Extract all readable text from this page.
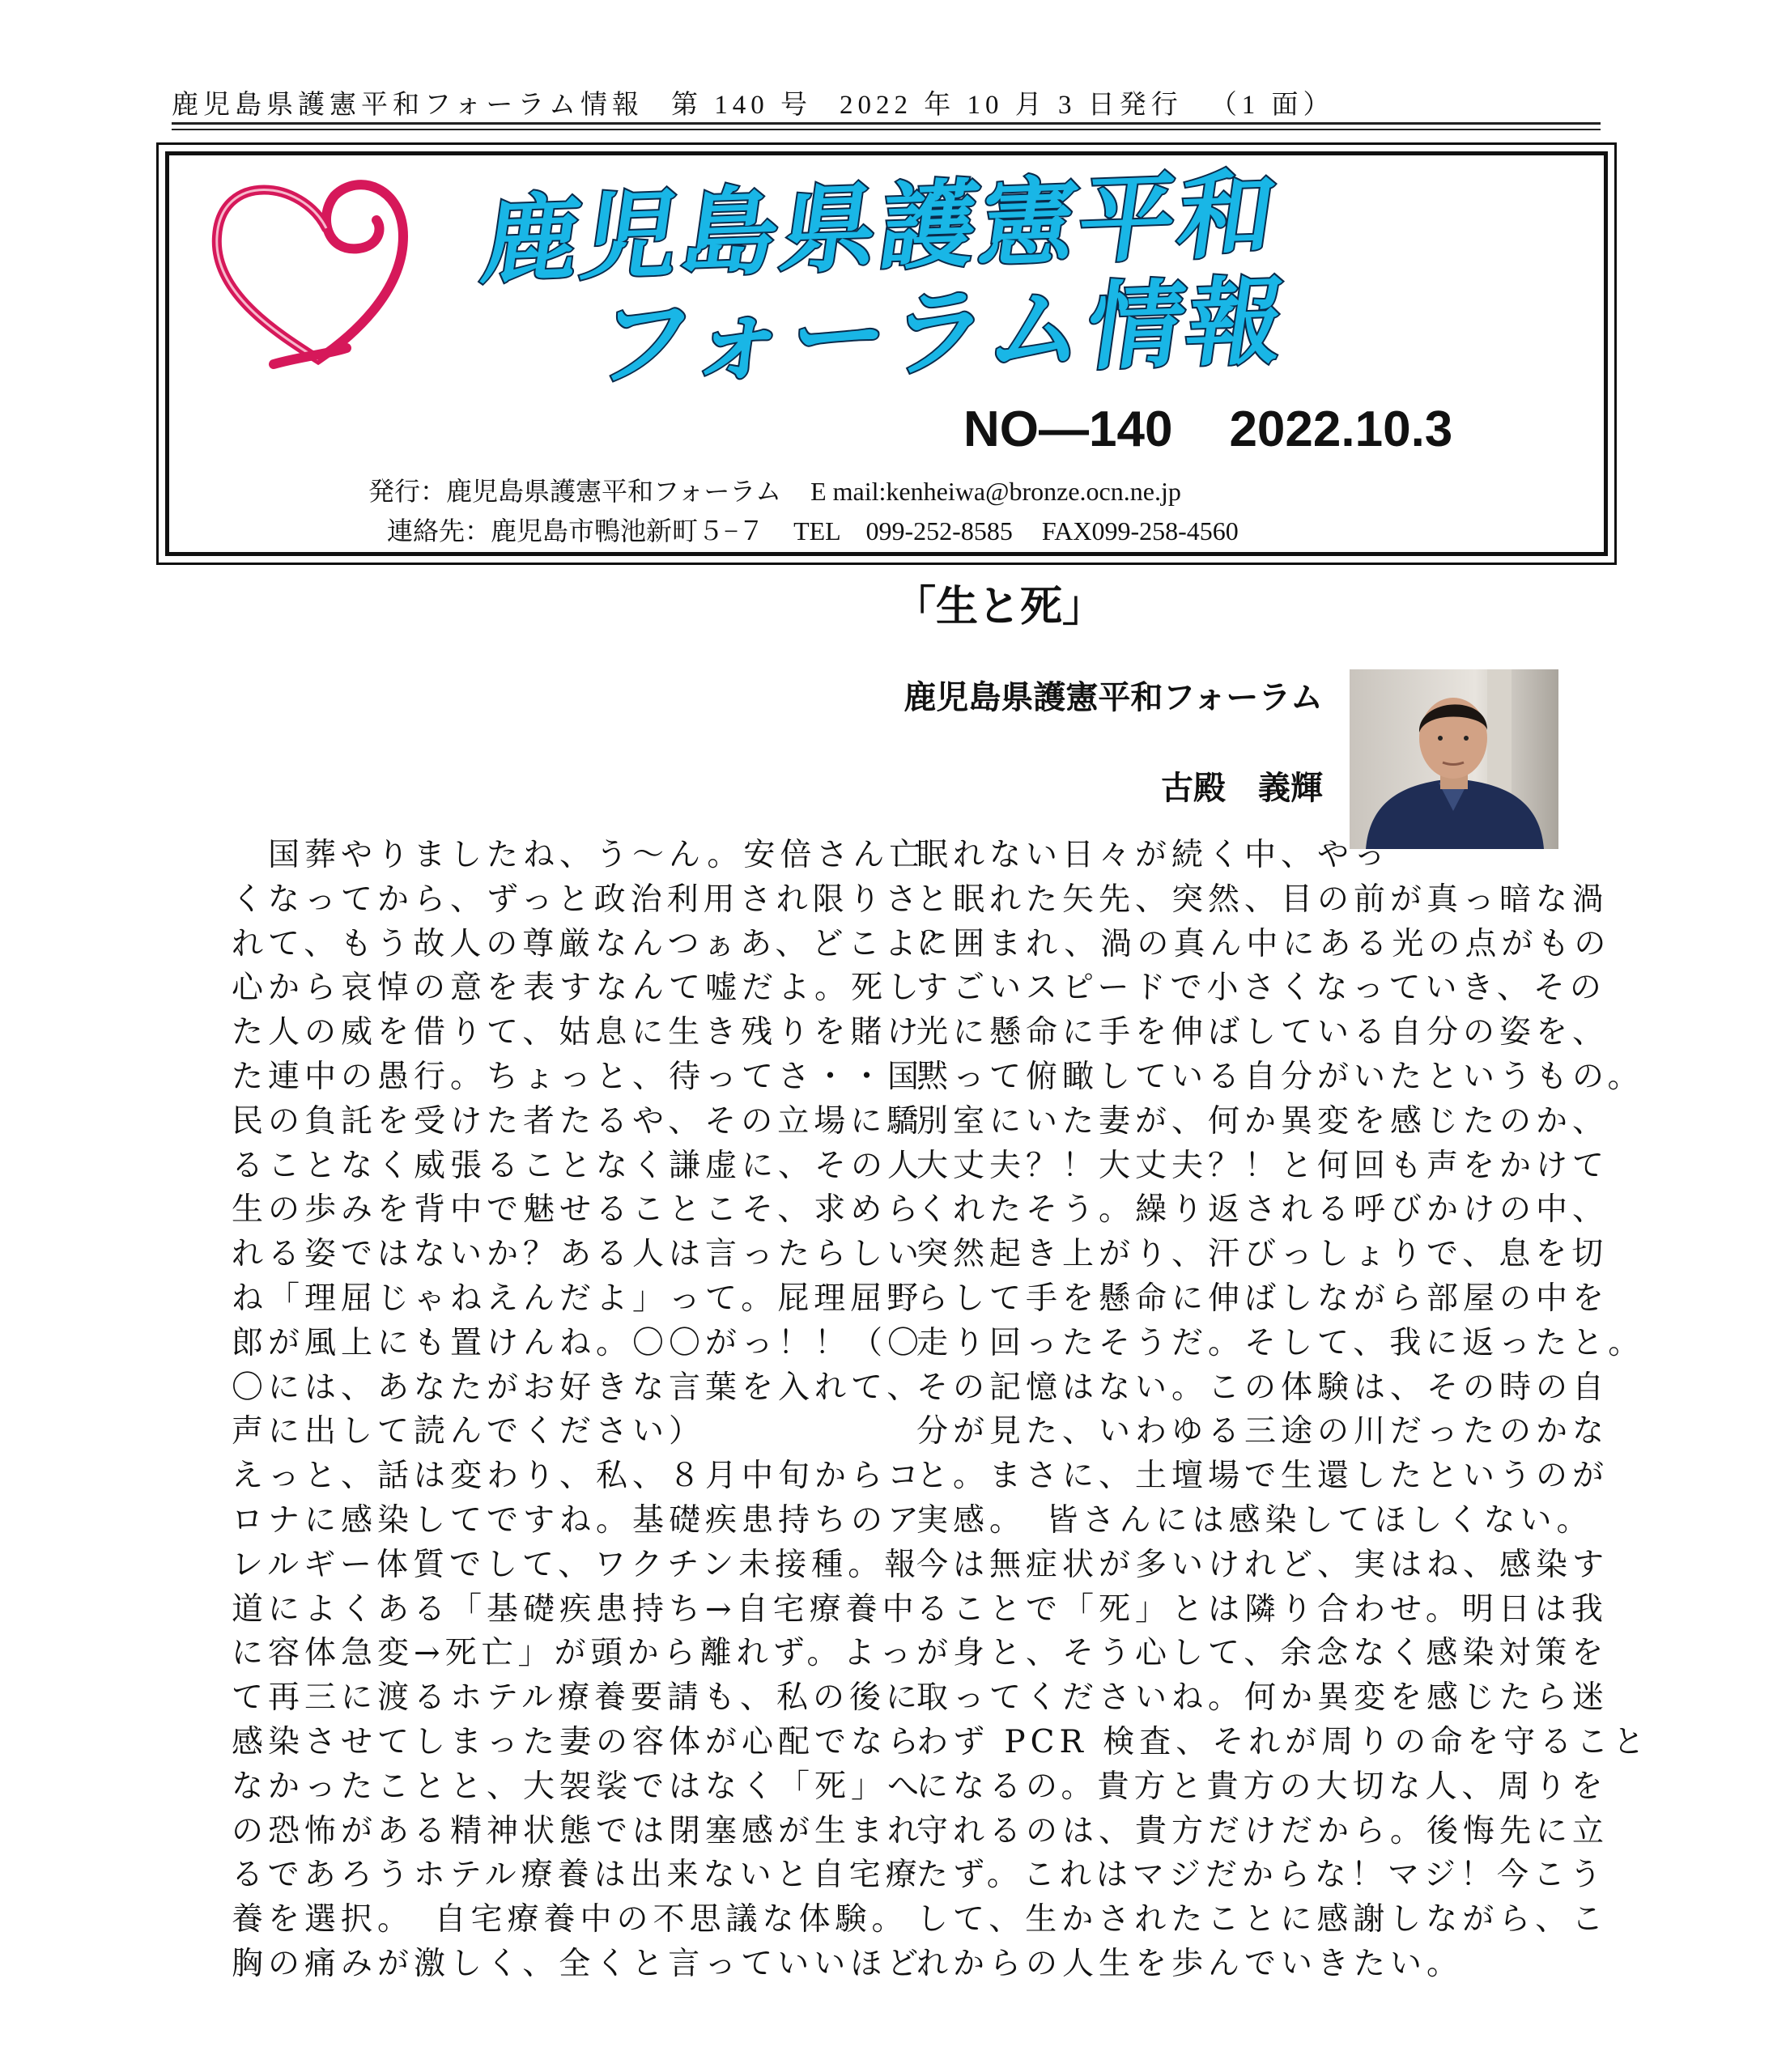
鹿児島県護憲平和フォーラム情報 第 140 号 2022 年 10 月 3 日発行 （1 面）
鹿児島県護憲平和
フォーラム情報
NO—140 2022.10.3
発行：鹿児島県護憲平和フォーラム E mail:kenheiwa@bronze.ocn.ne.jp
連絡先：鹿児島市鴨池新町５−７ TEL　099-252-8585 FAX099-258-4560
「生と死」
鹿児島県護憲平和フォーラム
古殿　義輝
　国葬やりましたね、う〜ん。安倍さん亡
くなってから、ずっと政治利用され限りさ
れて、もう故人の尊厳なんつぁあ、どこよ？
心から哀悼の意を表すなんて嘘だよ。死し
た人の威を借りて、姑息に生き残りを賭け
た連中の愚行。ちょっと、待ってさ・・国
民の負託を受けた者たるや、その立場に驕
ることなく威張ることなく謙虚に、その人
生の歩みを背中で魅せることこそ、求めら
れる姿ではないか？ある人は言ったらしい
ね「理屈じゃねえんだよ」って。屁理屈野
郎が風上にも置けんね。〇〇がっ！！（〇
〇には、あなたがお好きな言葉を入れて、
声に出して読んでください）
えっと、話は変わり、私、８月中旬からコ
ロナに感染してですね。基礎疾患持ちのア
レルギー体質でして、ワクチン未接種。報
道によくある「基礎疾患持ち→自宅療養中
に容体急変→死亡」が頭から離れず。よっ
て再三に渡るホテル療養要請も、私の後に
感染させてしまった妻の容体が心配でなら
なかったことと、大袈裟ではなく「死」へ
の恐怖がある精神状態では閉塞感が生まれ
るであろうホテル療養は出来ないと自宅療
養を選択。　自宅療養中の不思議な体験。
胸の痛みが激しく、全くと言っていいほど
眠れない日々が続く中、やっ
と眠れた矢先、突然、目の前が真っ暗な渦
に囲まれ、渦の真ん中にある光の点がもの
すごいスピードで小さくなっていき、その
光に懸命に手を伸ばしている自分の姿を、
黙って俯瞰している自分がいたというもの。
別室にいた妻が、何か異変を感じたのか、
大丈夫？！大丈夫？！と何回も声をかけて
くれたそう。繰り返される呼びかけの中、
突然起き上がり、汗びっしょりで、息を切
らして手を懸命に伸ばしながら部屋の中を
走り回ったそうだ。そして、我に返ったと。
その記憶はない。この体験は、その時の自
分が見た、いわゆる三途の川だったのかな
と。まさに、土壇場で生還したというのが
実感。　皆さんには感染してほしくない。
今は無症状が多いけれど、実はね、感染す
ることで「死」とは隣り合わせ。明日は我
が身と、そう心して、余念なく感染対策を
取ってくださいね。何か異変を感じたら迷
わず PCR 検査、それが周りの命を守ること
になるの。貴方と貴方の大切な人、周りを
守れるのは、貴方だけだから。後悔先に立
たず。これはマジだからな！マジ！今こう
して、生かされたことに感謝しながら、こ
れからの人生を歩んでいきたい。
